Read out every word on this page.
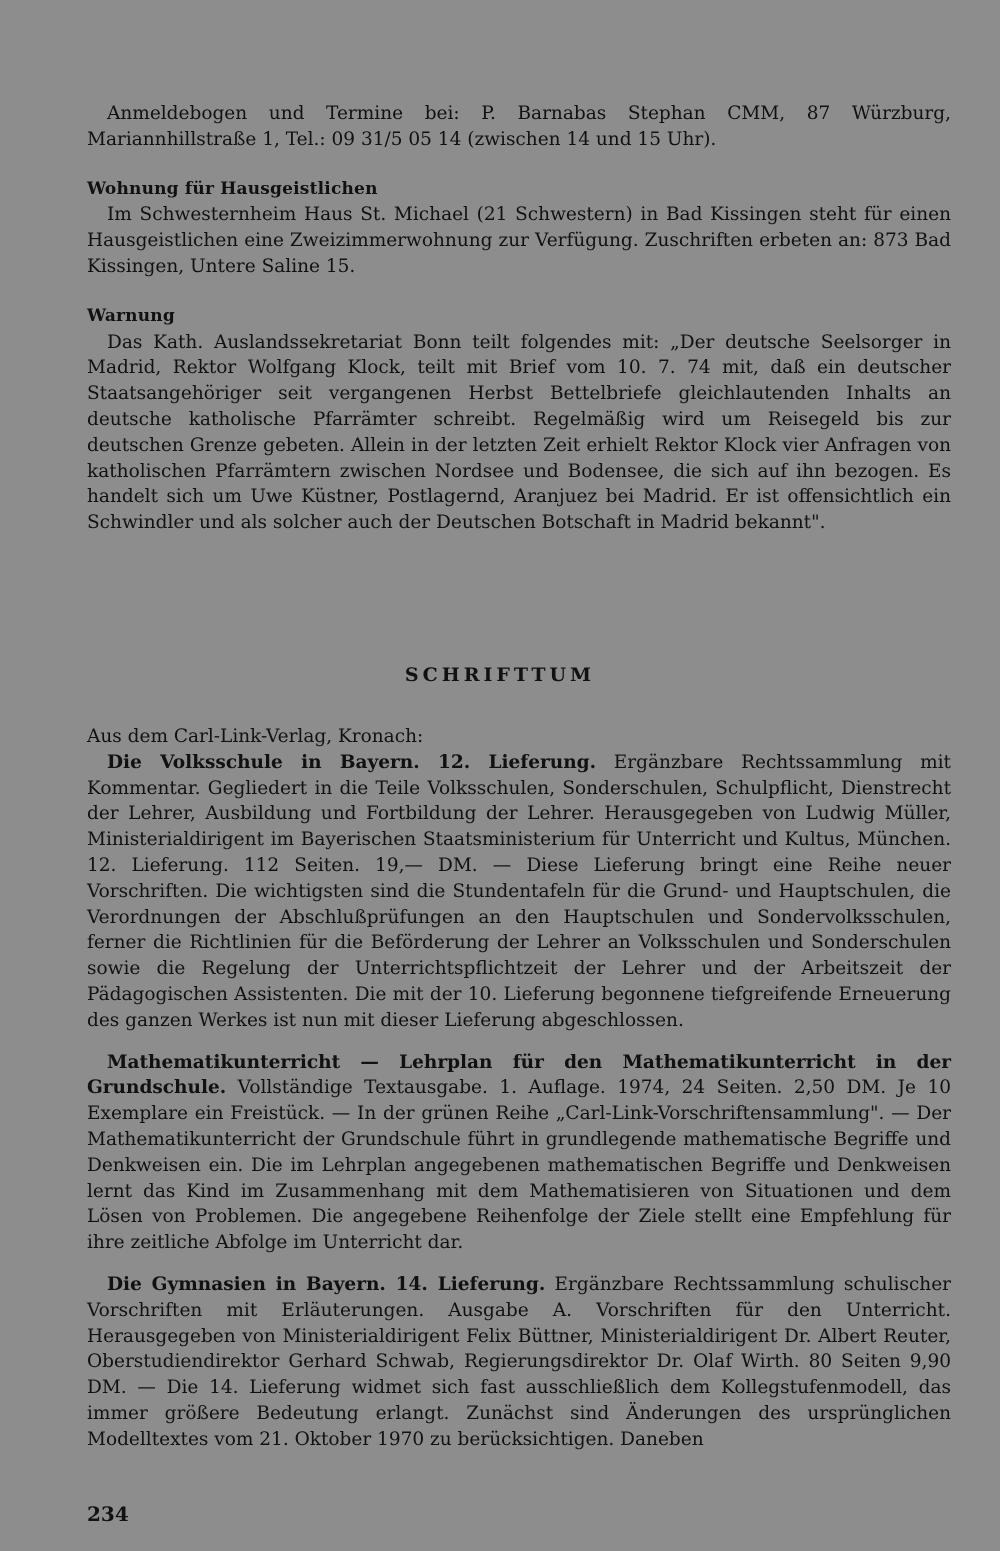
Anmeldebogen und Termine bei: P. Barnabas Stephan CMM, 87 Würzburg, Mariannhillstraße 1, Tel.: 09 31/5 05 14 (zwischen 14 und 15 Uhr).

Wohnung für Hausgeistlichen

Im Schwesternheim Haus St. Michael (21 Schwestern) in Bad Kissingen steht für einen Hausgeistlichen eine Zweizimmerwohnung zur Verfügung. Zuschriften erbeten an: 873 Bad Kissingen, Untere Saline 15.

Warnung

Das Kath. Auslandssekretariat Bonn teilt folgendes mit: „Der deutsche Seelsorger in Madrid, Rektor Wolfgang Klock, teilt mit Brief vom 10. 7. 74 mit, daß ein deutscher Staatsangehöriger seit vergangenen Herbst Bettelbriefe gleichlautenden Inhalts an deutsche katholische Pfarrämter schreibt. Regelmäßig wird um Reisegeld bis zur deutschen Grenze gebeten. Allein in der letzten Zeit erhielt Rektor Klock vier Anfragen von katholischen Pfarrämtern zwischen Nordsee und Bodensee, die sich auf ihn bezogen. Es handelt sich um Uwe Küstner, Postlagernd, Aranjuez bei Madrid. Er ist offensichtlich ein Schwindler und als solcher auch der Deutschen Botschaft in Madrid bekannt".

SCHRIFTTUM
Aus dem Carl-Link-Verlag, Kronach:

Die Volksschule in Bayern. 12. Lieferung. Ergänzbare Rechtssammlung mit Kommentar. Gegliedert in die Teile Volksschulen, Sonderschulen, Schulpflicht, Dienstrecht der Lehrer, Ausbildung und Fortbildung der Lehrer. Herausgegeben von Ludwig Müller, Ministerialdirigent im Bayerischen Staatsministerium für Unterricht und Kultus, München. 12. Lieferung. 112 Seiten. 19,— DM. — Diese Lieferung bringt eine Reihe neuer Vorschriften. Die wichtigsten sind die Stundentafeln für die Grund- und Hauptschulen, die Verordnungen der Abschlußprüfungen an den Hauptschulen und Sondervolksschulen, ferner die Richtlinien für die Beförderung der Lehrer an Volksschulen und Sonderschulen sowie die Regelung der Unterrichtspflichtzeit der Lehrer und der Arbeitszeit der Pädagogischen Assistenten. Die mit der 10. Lieferung begonnene tiefgreifende Erneuerung des ganzen Werkes ist nun mit dieser Lieferung abgeschlossen.

Mathematikunterricht — Lehrplan für den Mathematikunterricht in der Grundschule. Vollständige Textausgabe. 1. Auflage. 1974, 24 Seiten. 2,50 DM. Je 10 Exemplare ein Freistück. — In der grünen Reihe „Carl-Link-Vorschriftensammlung". — Der Mathematikunterricht der Grundschule führt in grundlegende mathematische Begriffe und Denkweisen ein. Die im Lehrplan angegebenen mathematischen Begriffe und Denkweisen lernt das Kind im Zusammenhang mit dem Mathematisieren von Situationen und dem Lösen von Problemen. Die angegebene Reihenfolge der Ziele stellt eine Empfehlung für ihre zeitliche Abfolge im Unterricht dar.

Die Gymnasien in Bayern. 14. Lieferung. Ergänzbare Rechtssammlung schulischer Vorschriften mit Erläuterungen. Ausgabe A. Vorschriften für den Unterricht. Herausgegeben von Ministerialdirigent Felix Büttner, Ministerialdirigent Dr. Albert Reuter, Oberstudiendirektor Gerhard Schwab, Regierungsdirektor Dr. Olaf Wirth. 80 Seiten 9,90 DM. — Die 14. Lieferung widmet sich fast ausschließlich dem Kollegstufenmodell, das immer größere Bedeutung erlangt. Zunächst sind Änderungen des ursprünglichen Modelltextes vom 21. Oktober 1970 zu berücksichtigen. Daneben

234
